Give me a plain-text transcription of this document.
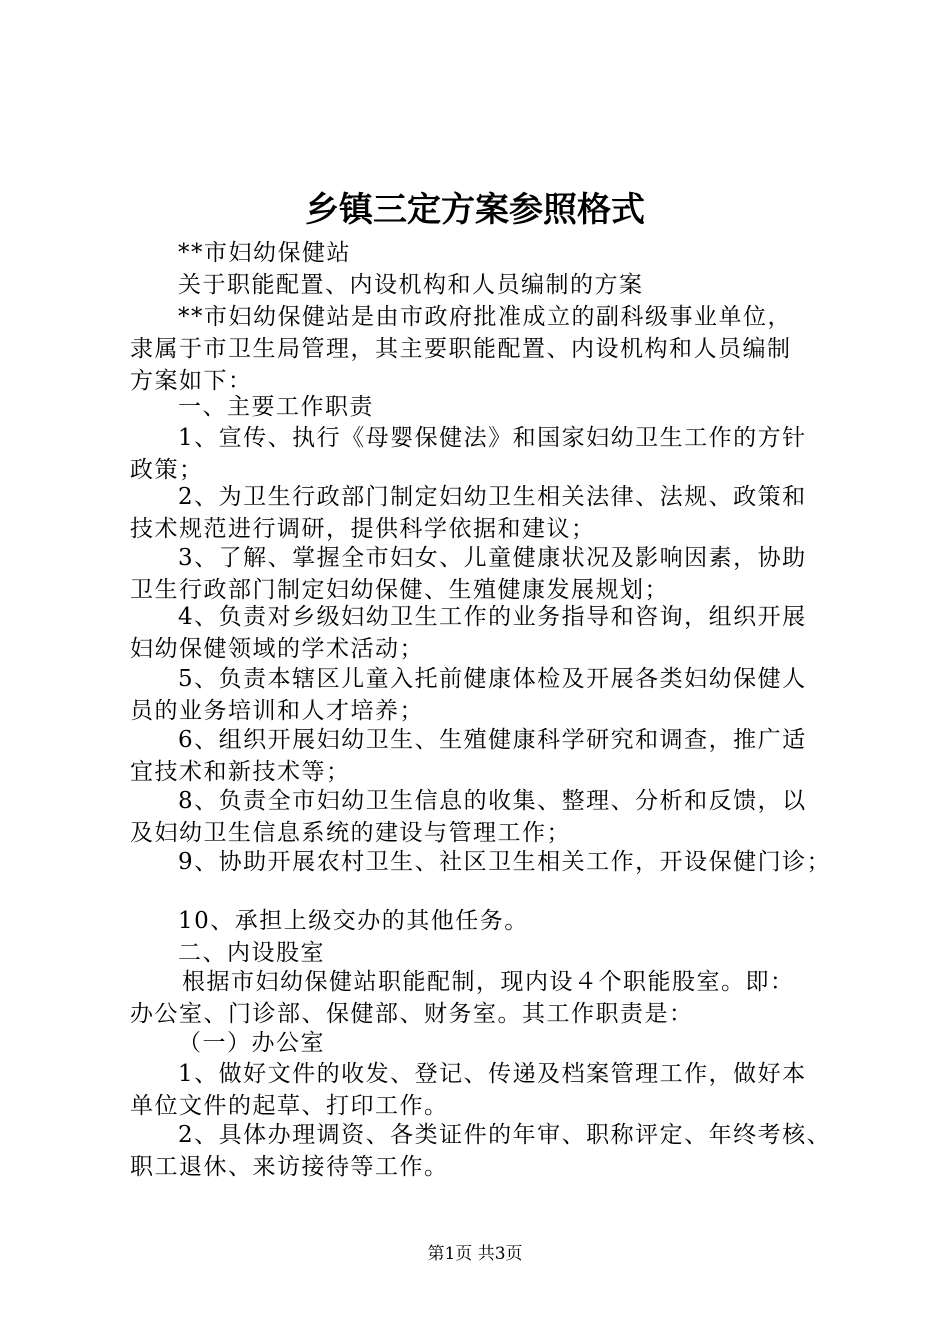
乡镇三定方案参照格式
**市妇幼保健站
关于职能配置、内设机构和人员编制的方案
**市妇幼保健站是由市政府批准成立的副科级事业单位，
隶属于市卫生局管理，其主要职能配置、内设机构和人员编制
方案如下：
一、主要工作职责
1、宣传、执行《母婴保健法》和国家妇幼卫生工作的方针
政策；
2、为卫生行政部门制定妇幼卫生相关法律、法规、政策和
技术规范进行调研，提供科学依据和建议；
3、了解、掌握全市妇女、儿童健康状况及影响因素，协助
卫生行政部门制定妇幼保健、生殖健康发展规划；
4、负责对乡级妇幼卫生工作的业务指导和咨询，组织开展
妇幼保健领域的学术活动；
5、负责本辖区儿童入托前健康体检及开展各类妇幼保健人
员的业务培训和人才培养；
6、组织开展妇幼卫生、生殖健康科学研究和调查，推广适
宜技术和新技术等；
8、负责全市妇幼卫生信息的收集、整理、分析和反馈，以
及妇幼卫生信息系统的建设与管理工作；
9、协助开展农村卫生、社区卫生相关工作，开设保健门诊；
10、承担上级交办的其他任务。
二、内设股室
根据市妇幼保健站职能配制，现内设４个职能股室。即：
办公室、门诊部、保健部、财务室。其工作职责是：
（一）办公室
1、做好文件的收发、登记、传递及档案管理工作，做好本
单位文件的起草、打印工作。
2、具体办理调资、各类证件的年审、职称评定、年终考核、
职工退休、来访接待等工作。
第1页 共3页
